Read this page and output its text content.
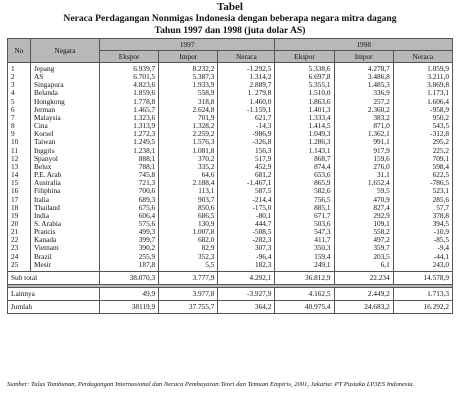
Tabel
Neraca Perdagangan Nonmigas Indonesia dengan beberapa negara mitra dagang
Tahun 1997 dan 1998 (juta dolar AS)
No	Negara	1997			1998		
		Ekspor	Impor	Neraca	Ekspor	Impor	Neraca
1	Jepang	6.939,7	8.232,2	-1.292,5	5.338,6	4.278,7	1.059,9
2	AS	6.701,5	5.387,3	1.314,2	6.697,8	3.486,8	3.211,0
3	Singapura	4.823,6	1.933,9	2.889,7	5.355,1	1.485,3	3.869,8
4	Belanda	1.859,6	558,9	1. 279,8	1.510,0	336,9	1.173,1
5	Hongkong	1.778,8	318,8	1.460,0	1.863,6	257,2	1.606,4
6	Jerman	1.465,7	2.624,8	-1.159,1	1.401,3	2.360,2	-958,9
7	Malaysia	1.323,6	701,9	621,7	1.333,4	383,2	950,2
8	Cina	1.313,9	1.328,2	-14,3	1.414,5	871,0	543,5
9	Korsel	1.272,3	2.259,2	-986,9	1.049,3	1.362,1	-312,8
10	Taiwan	1.249,5	1.576,3	-326,8	1.286,3	991,1	295,2
11	Inggris	1.238,1	1.081,8	156,3	1.143,1	917,9	225,2
12	Spanyol	888,1	370,2	517,9	868,7	159,6	709,1
13	Belux	788,1	335,2	452,9	874,4	276,0	598,4
14	P.E. Arab	745,8	64,6	681,2	653,6	31,1	622,5
15	Australia	721,3	2.188,4	-1,467,1	865,9	1.652,4	-786,5
16	Filiphina	700,6	113,1	587,5	582,6	59,5	523,1
17	Italia	689,3	903,7	-214,4	756,5	470,9	285,6
18	Thailand	675,6	850,6	-175,0	885,1	827,4	57,7
19	India	606,4	686,5	-80,1	671,7	292,9	378,8
20	S. Arabia	575,6	130,9	444,7	503,6	109,1	394,5
21	Prancis	499,3	1.007,8	-508,5	547,3	558,2	-10,9
22	Kanada	399,7	682,0	-282,3	411,7	497,2	-85,5
23	Vietnam	390,2	82,9	307,3	350,3	359,7	-9,4
24	Brazil	255,9	352,3	-96,4	159,4	203,5	-44,1
25	Mesir	187,8	5,5	182,3	249,1	6,1	243,0
Sub total		38.070,3	3.777,9	4.292,1	36.812,9	22.234	14.578,9

Lainnya		49,9	3.977,8	-3.927,9	4.162,5	2.449,2	1.713,3
Jumlah		38119,9	37.755,7	364,2	40.975,4	24.683,2	16.292,2
Sumber: Tulus Tambunan, Perdagangan Internasional dan Neraca Pembayaran:Teori dan Temuan Empiris, 2001, Jakarta: PT Pustaka LP3ES Indonesia.
